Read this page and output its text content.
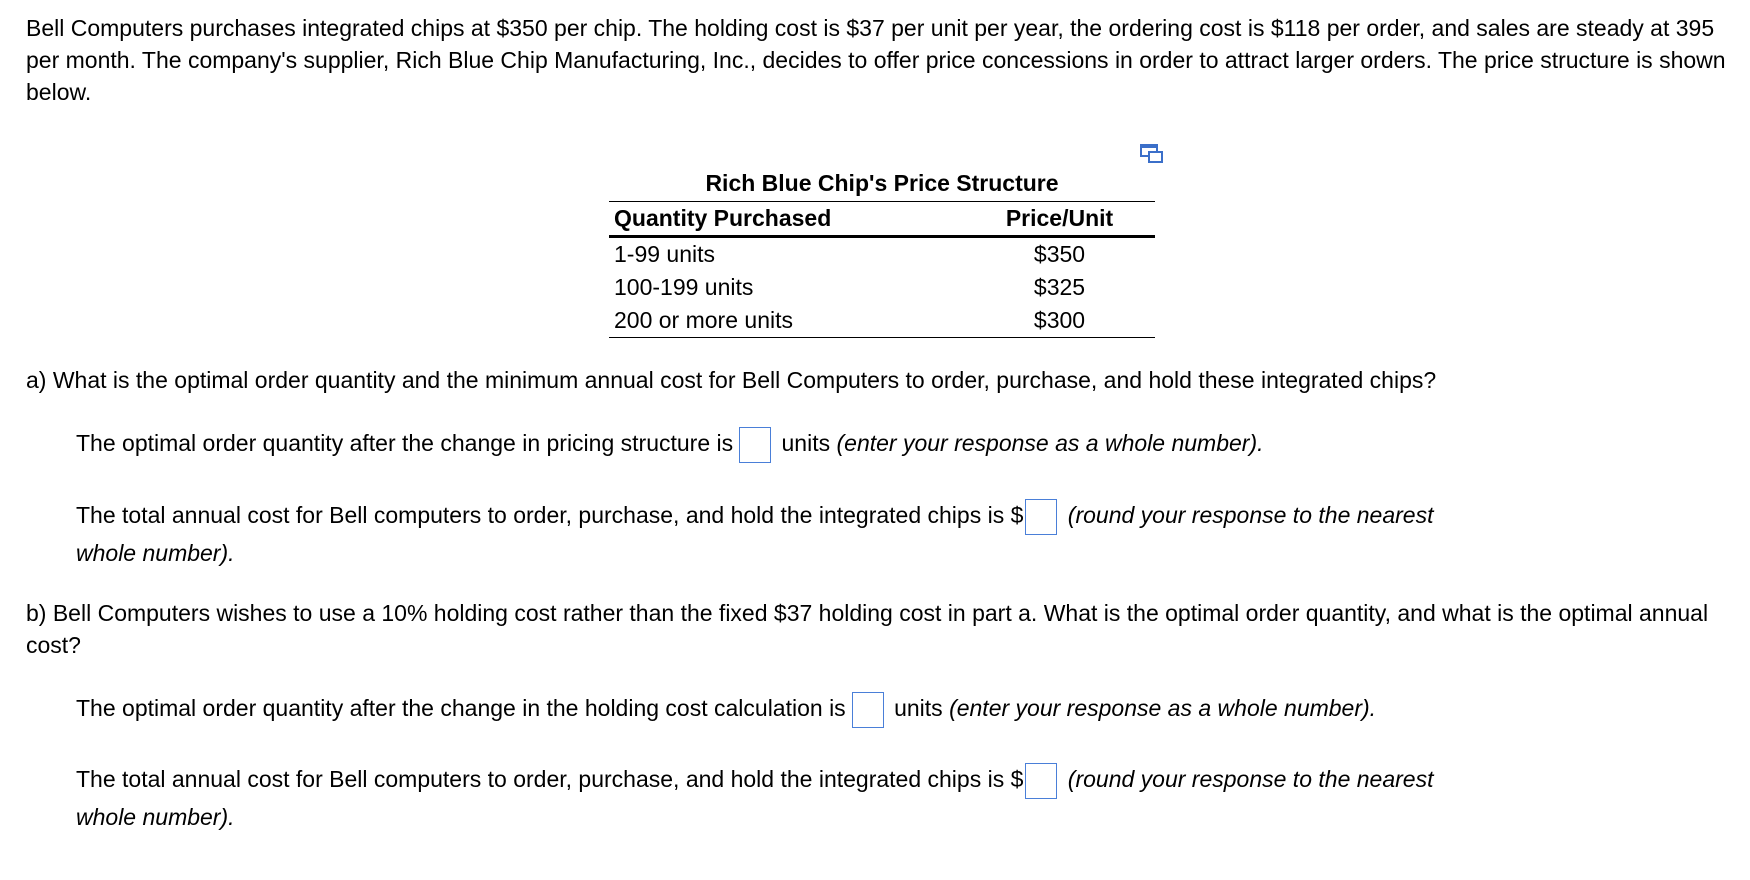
Bell Computers purchases integrated chips at $350 per chip. The holding cost is $37 per unit per year, the ordering cost is $118 per order, and sales are steady at 395 per month. The company's supplier, Rich Blue Chip Manufacturing, Inc., decides to offer price concessions in order to attract larger orders. The price structure is shown below.
Rich Blue Chip's Price Structure
Quantity Purchased	Price/Unit
1-99 units	$350
100-199 units	$325
200 or more units	$300
a) What is the optimal order quantity and the minimum annual cost for Bell Computers to order, purchase, and hold these integrated chips?
The optimal order quantity after the change in pricing structure is units (enter your response as a whole number).
The total annual cost for Bell computers to order, purchase, and hold the integrated chips is $ (round your response to the nearest
whole number).
b) Bell Computers wishes to use a 10% holding cost rather than the fixed $37 holding cost in part a. What is the optimal order quantity, and what is the optimal annual cost?
The optimal order quantity after the change in the holding cost calculation is units (enter your response as a whole number).
The total annual cost for Bell computers to order, purchase, and hold the integrated chips is $ (round your response to the nearest
whole number).
